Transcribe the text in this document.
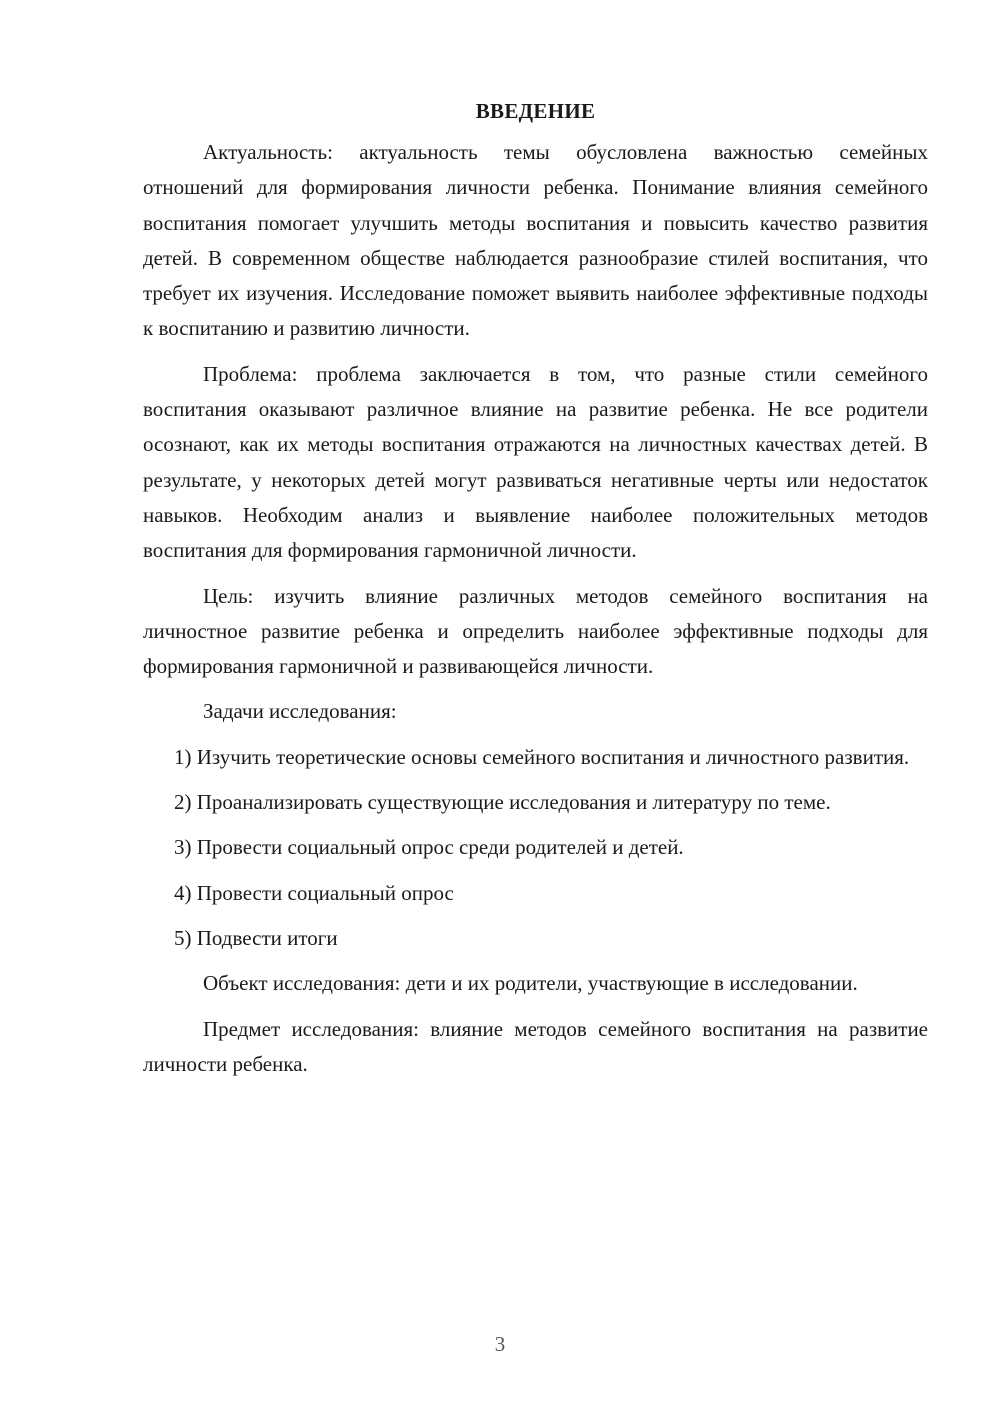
ВВЕДЕНИЕ

Актуальность: актуальность темы обусловлена важностью семейных отношений для формирования личности ребенка. Понимание влияния семейного воспитания помогает улучшить методы воспитания и повысить качество развития детей. В современном обществе наблюдается разнообразие стилей воспитания, что требует их изучения. Исследование поможет выявить наиболее эффективные подходы к воспитанию и развитию личности.

Проблема: проблема заключается в том, что разные стили семейного воспитания оказывают различное влияние на развитие ребенка. Не все родители осознают, как их методы воспитания отражаются на личностных качествах детей. В результате, у некоторых детей могут развиваться негативные черты или недостаток навыков. Необходим анализ и выявление наиболее положительных методов воспитания для формирования гармоничной личности.

Цель: изучить влияние различных методов семейного воспитания на личностное развитие ребенка и определить наиболее эффективные подходы для формирования гармоничной и развивающейся личности.

Задачи исследования:

1) Изучить теоретические основы семейного воспитания и личностного развития.

2) Проанализировать существующие исследования и литературу по теме.

3) Провести социальный опрос среди родителей и детей.

4) Провести социальный опрос

5) Подвести итоги

Объект исследования: дети и их родители, участвующие в исследовании.

Предмет исследования: влияние методов семейного воспитания на развитие личности ребенка.

3
